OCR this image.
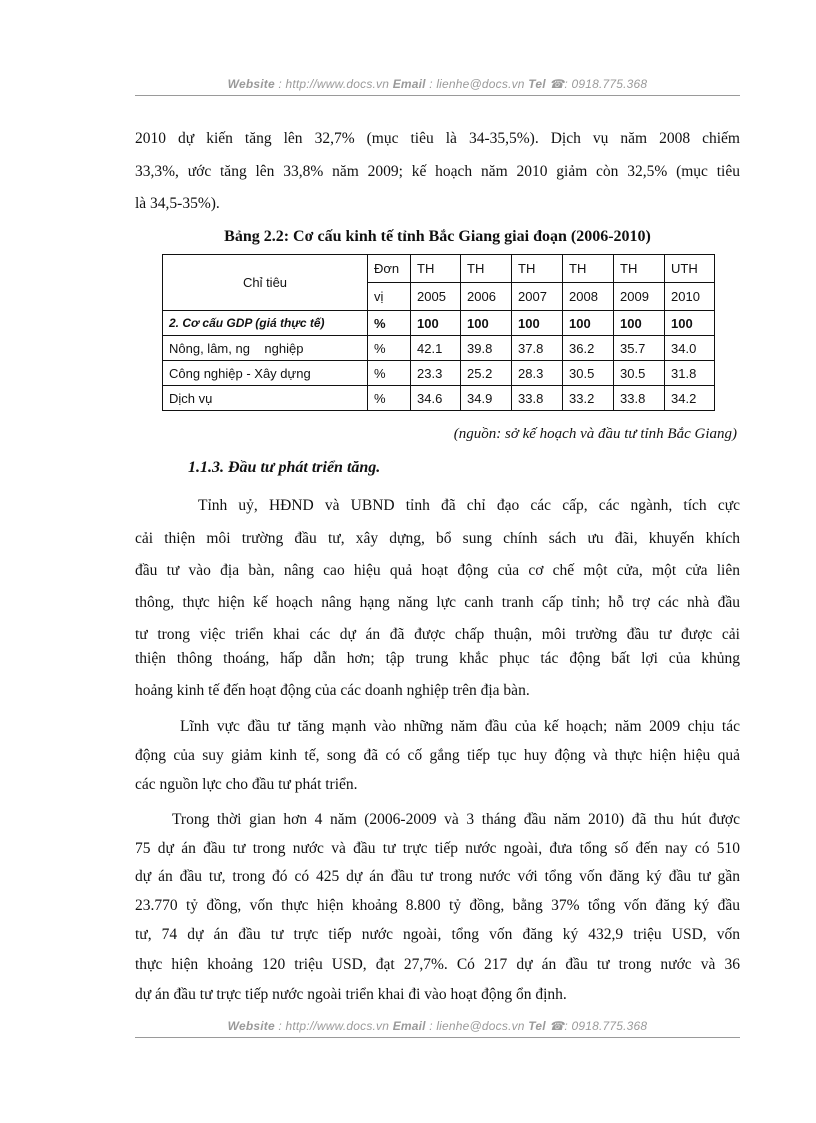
Website : http://www.docs.vn Email : lienhe@docs.vn Tel ☎: 0918.775.368
2010 dự kiến tăng lên 32,7% (mục tiêu là 34-35,5%). Dịch vụ năm 2008 chiếm
33,3%, ước tăng lên 33,8% năm 2009; kế hoạch năm 2010 giảm còn 32,5% (mục tiêu
là 34,5-35%).
Bảng 2.2: Cơ cấu kinh tế tỉnh Bắc Giang giai đoạn (2006-2010)
Chỉ tiêu	Đơn	TH	TH	TH	TH	TH	UTH
	vị	2005	2006	2007	2008	2009	2010
2. Cơ cấu GDP (giá thực tế)	%	100	100	100	100	100	100
Nông, lâm, ng    nghiệp	%	42.1	39.8	37.8	36.2	35.7	34.0
Công nghiệp - Xây dựng	%	23.3	25.2	28.3	30.5	30.5	31.8
Dịch vụ	%	34.6	34.9	33.8	33.2	33.8	34.2
(nguồn: sở kế hoạch và đầu tư tỉnh Bắc Giang)
1.1.3. Đầu tư phát triển tăng.
Tỉnh uỷ, HĐND và UBND tỉnh đã chỉ đạo các cấp, các ngành, tích cực
cải thiện môi trường đầu tư, xây dựng, bổ sung chính sách ưu đãi, khuyến khích
đầu tư vào địa bàn, nâng cao hiệu quả hoạt động của cơ chế một cửa, một cửa liên
thông, thực hiện kế hoạch nâng hạng năng lực canh tranh cấp tỉnh; hỗ trợ các nhà đầu
tư trong việc triển khai các dự án đã được chấp thuận, môi trường đầu tư được cải
thiện thông thoáng, hấp dẫn hơn; tập trung khắc phục tác động bất lợi của khủng
hoảng kinh tế đến hoạt động của các doanh nghiệp trên địa bàn.
Lĩnh vực đầu tư tăng mạnh vào những năm đầu của kế hoạch; năm 2009 chịu tác
động của suy giảm kinh tế, song đã có cố gắng tiếp tục huy động và thực hiện hiệu quả
các nguồn lực cho đầu tư phát triển.
Trong thời gian hơn 4 năm (2006-2009 và 3 tháng đầu năm 2010) đã thu hút được
75 dự án đầu tư trong nước và đầu tư trực tiếp nước ngoài, đưa tổng số đến nay có 510
dự án đầu tư, trong đó có 425 dự án đầu tư trong nước với tổng vốn đăng ký đầu tư gần
23.770 tỷ đồng, vốn thực hiện khoảng 8.800 tỷ đồng, bằng 37% tổng vốn đăng ký đầu
tư, 74 dự án đầu tư trực tiếp nước ngoài, tổng vốn đăng ký 432,9 triệu USD, vốn
thực hiện khoảng 120 triệu USD, đạt 27,7%. Có 217 dự án đầu tư trong nước và 36
dự án đầu tư trực tiếp nước ngoài triển khai đi vào hoạt động ổn định.
Website : http://www.docs.vn Email : lienhe@docs.vn Tel ☎: 0918.775.368
